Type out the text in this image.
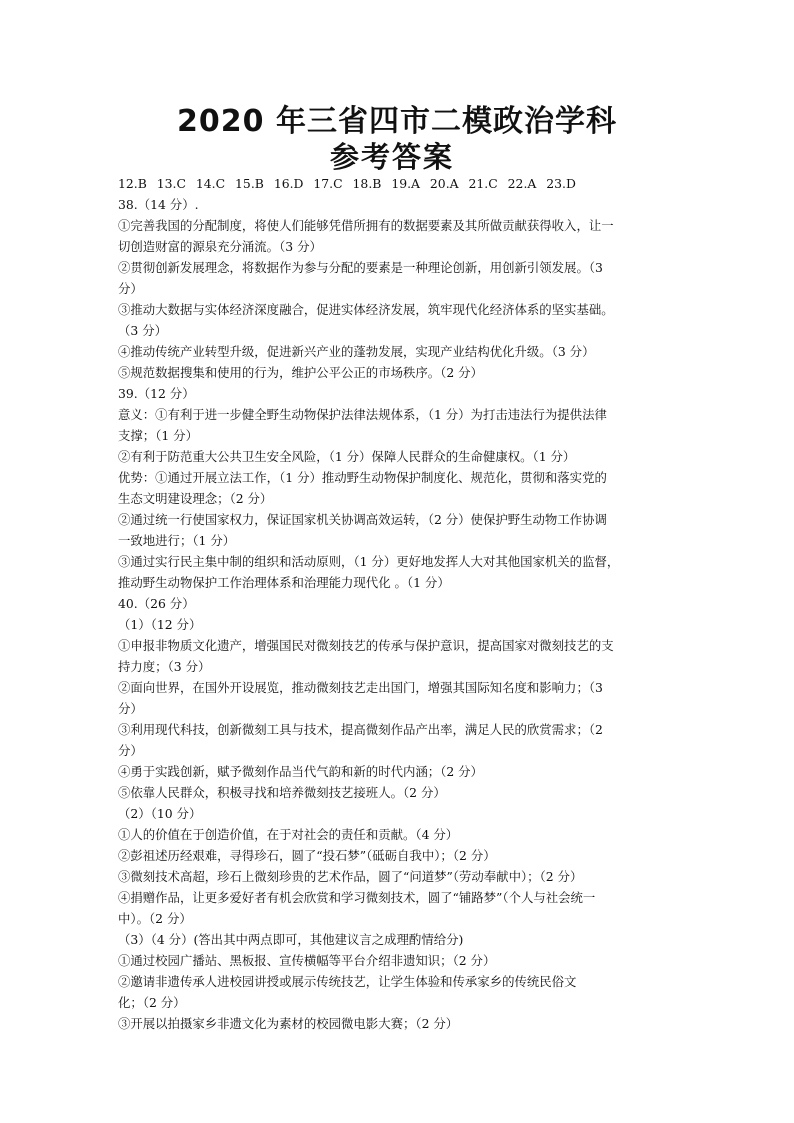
2020 年三省四市二模政治学科
参考答案
12.B 13.C 14.C 15.B 16.D 17.C 18.B 19.A 20.A 21.C 22.A 23.D
38.（14 分）.
①完善我国的分配制度，将使人们能够凭借所拥有的数据要素及其所做贡献获得收入，让一
切创造财富的源泉充分涌流。（3 分）
②贯彻创新发展理念，将数据作为参与分配的要素是一种理论创新，用创新引领发展。（3
分）
③推动大数据与实体经济深度融合，促进实体经济发展，筑牢现代化经济体系的坚实基础。
（3 分）
④推动传统产业转型升级，促进新兴产业的蓬勃发展，实现产业结构优化升级。（3 分）
⑤规范数据搜集和使用的行为，维护公平公正的市场秩序。（2 分）
39.（12 分）
意义：①有利于进一步健全野生动物保护法律法规体系，（1 分）为打击违法行为提供法律
支撑；（1 分）
②有利于防范重大公共卫生安全风险，（1 分）保障人民群众的生命健康权。（1 分）
优势：①通过开展立法工作，（1 分）推动野生动物保护制度化、规范化，贯彻和落实党的
生态文明建设理念；（2 分）
②通过统一行使国家权力，保证国家机关协调高效运转，（2 分）使保护野生动物工作协调
一致地进行；（1 分）
③通过实行民主集中制的组织和活动原则，（1 分）更好地发挥人大对其他国家机关的监督，
推动野生动物保护工作治理体系和治理能力现代化 。（1 分）
40.（26 分）
（1）（12 分）
①申报非物质文化遗产，增强国民对微刻技艺的传承与保护意识，提高国家对微刻技艺的支
持力度；（3 分）
②面向世界，在国外开设展览，推动微刻技艺走出国门，增强其国际知名度和影响力；（3
分）
③利用现代科技，创新微刻工具与技术，提高微刻作品产出率，满足人民的欣赏需求；（2
分）
④勇于实践创新，赋予微刻作品当代气韵和新的时代内涵；（2 分）
⑤依靠人民群众，积极寻找和培养微刻技艺接班人。（2 分）
（2）（10 分）
①人的价值在于创造价值，在于对社会的责任和贡献。（4 分）
②彭祖述历经艰难，寻得珍石，圆了“投石梦”（砥砺自我中）；（2 分）
③微刻技术高超，珍石上微刻珍贵的艺术作品，圆了“问道梦”（劳动奉献中）；（2 分）
④捐赠作品，让更多爱好者有机会欣赏和学习微刻技术，圆了“铺路梦”（个人与社会统一
中）。（2 分）
（3）（4 分）(答出其中两点即可，其他建议言之成理酌情给分)
①通过校园广播站、黑板报、宣传横幅等平台介绍非遗知识；（2 分）
②邀请非遗传承人进校园讲授或展示传统技艺，让学生体验和传承家乡的传统民俗文
化；（2 分）
③开展以拍摄家乡非遗文化为素材的校园微电影大赛；（2 分）
